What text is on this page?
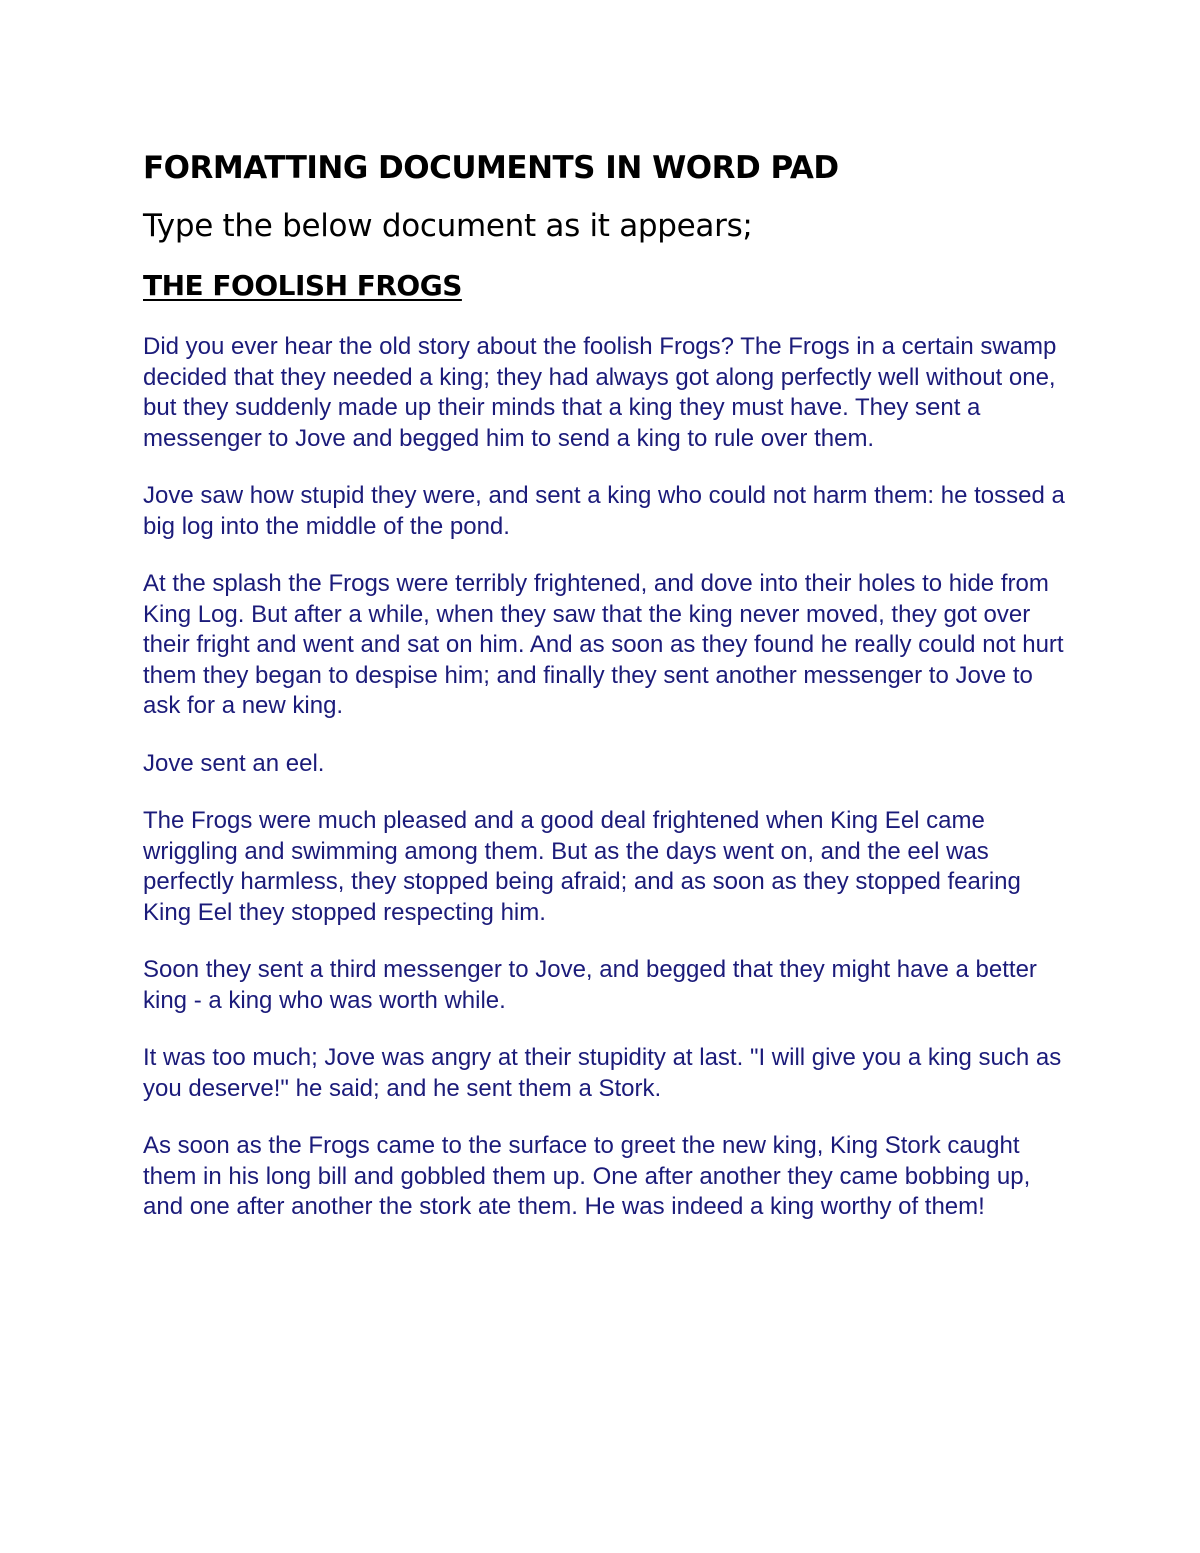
FORMATTING DOCUMENTS IN WORD PAD

Type the below document as it appears;

THE FOOLISH FROGS

Did you ever hear the old story about the foolish Frogs? The Frogs in a certain swamp decided that they needed a king; they had always got along perfectly well without one, but they suddenly made up their minds that a king they must have. They sent a messenger to Jove and begged him to send a king to rule over them.

Jove saw how stupid they were, and sent a king who could not harm them: he tossed a big log into the middle of the pond.

At the splash the Frogs were terribly frightened, and dove into their holes to hide from King Log. But after a while, when they saw that the king never moved, they got over their fright and went and sat on him. And as soon as they found he really could not hurt them they began to despise him; and finally they sent another messenger to Jove to ask for a new king.

Jove sent an eel.

The Frogs were much pleased and a good deal frightened when King Eel came wriggling and swimming among them. But as the days went on, and the eel was perfectly harmless, they stopped being afraid; and as soon as they stopped fearing King Eel they stopped respecting him.

Soon they sent a third messenger to Jove, and begged that they might have a better king - a king who was worth while.

It was too much; Jove was angry at their stupidity at last. "I will give you a king such as you deserve!" he said; and he sent them a Stork.

As soon as the Frogs came to the surface to greet the new king, King Stork caught them in his long bill and gobbled them up. One after another they came bobbing up, and one after another the stork ate them. He was indeed a king worthy of them!
